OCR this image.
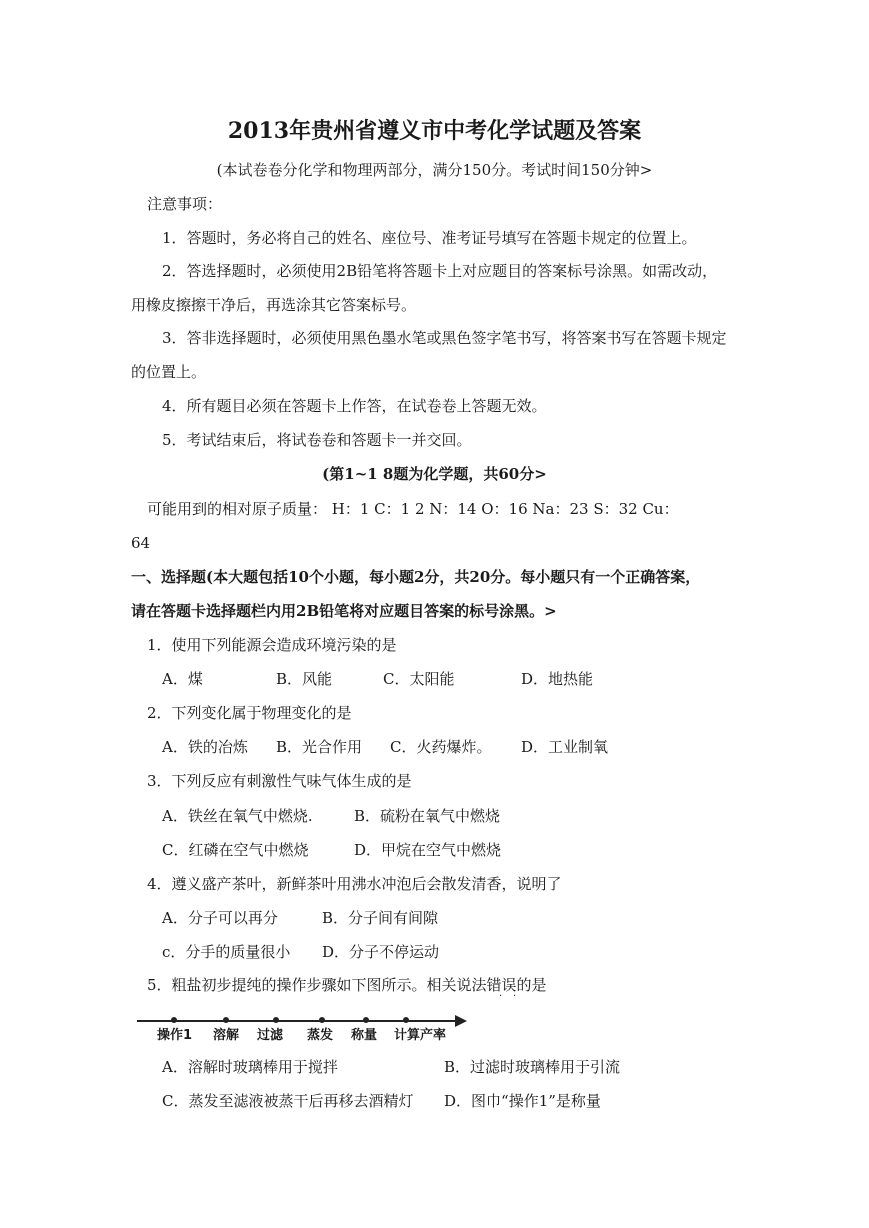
2013年贵州省遵义市中考化学试题及答案
(本试卷卷分化学和物理两部分，满分150分。考试时间150分钟>
注意事项：
1．答题时，务必将自己的姓名、座位号、准考证号填写在答题卡规定的位置上。
2．答选择题时，必须使用2B铅笔将答题卡上对应题目的答案标号涂黑。如需改动，
用橡皮擦擦干净后，再选涂其它答案标号。
3．答非选择题时，必须使用黑色墨水笔或黑色签字笔书写，将答案书写在答题卡规定
的位置上。
4．所有题目必须在答题卡上作答，在试卷卷上答题无效。
5．考试结束后，将试卷卷和答题卡一并交回。
(第1~1 8题为化学题，共60分>
可能用到的相对原子质量： H：1 C：1 2 N：14 O：16 Na：23 S：32 Cu：
64
一、选择题(本大题包括10个小题，每小题2分，共20分。每小题只有一个正确答案，
请在答题卡选择题栏内用2B铅笔将对应题目答案的标号涂黑。>
1．使用下列能源会造成环境污染的是
A．煤	B．风能	C．太阳能	D．地热能
2．下列变化属于物理变化的是
A．铁的冶炼 B．光合作用 C．火药爆炸。 D．工业制氧
3．下列反应有刺激性气味气体生成的是
A．铁丝在氧气中燃烧.	B．硫粉在氧气中燃烧
C．红磷在空气中燃烧	D．甲烷在空气中燃烧
4．遵义盛产茶叶，新鲜茶叶用沸水冲泡后会散发清香，说明了
A．分子可以再分	B．分子间有间隙
c．分手的质量很小 D．分子不停运动
5．粗盐初步提纯的操作步骤如下图所示。相关说法错误的是
· ·
操作1 溶解 过滤 蒸发 称量 计算产率
A．溶解时玻璃棒用于搅拌	B．过滤时玻璃棒用于引流
C．蒸发至滤液被蒸干后再移去酒精灯 D．图巾“操作1”是称量
